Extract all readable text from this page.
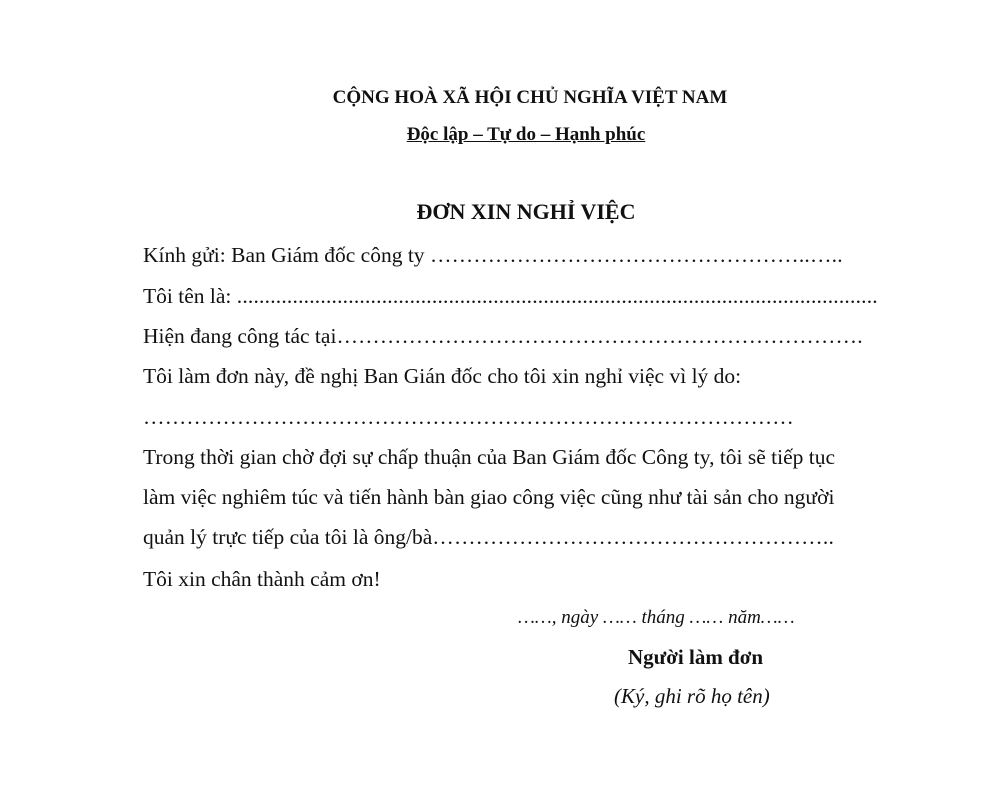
CỘNG HOÀ XÃ HỘI CHỦ NGHĨA VIỆT NAM
Độc lập – Tự do – Hạnh phúc
ĐƠN XIN NGHỈ VIỆC
Kính gửi: Ban Giám đốc công ty ……………………………………………..…..
Tôi tên là: ...................................................................................................................
Hiện đang công tác tại……………………………………………………………….
Tôi làm đơn này, đề nghị Ban Gián đốc cho tôi xin nghỉ việc vì lý do:
………………………………………………………………………………
Trong thời gian chờ đợi sự chấp thuận của Ban Giám đốc Công ty, tôi sẽ tiếp tục
làm việc nghiêm túc và tiến hành bàn giao công việc cũng như tài sản cho người
quản lý trực tiếp của tôi là ông/bà………………………………………………..
Tôi xin chân thành cảm ơn!
……, ngày …… tháng …… năm……
Người làm đơn
(Ký, ghi rõ họ tên)
